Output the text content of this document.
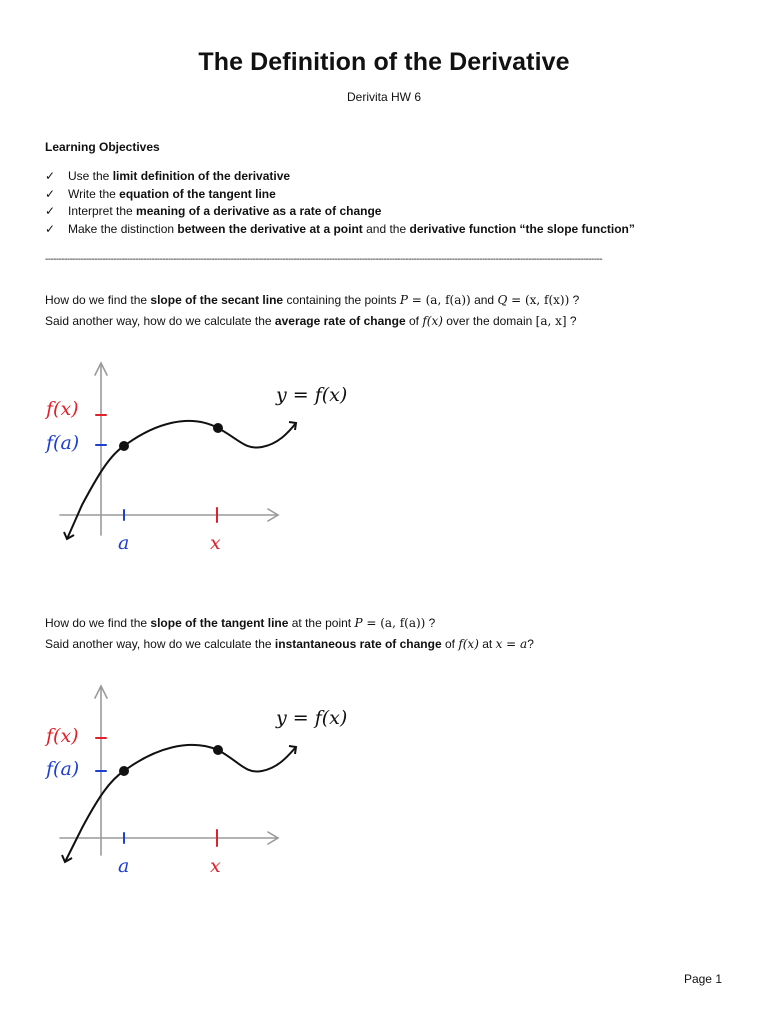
The Definition of the Derivative
Derivita HW 6
Learning Objectives
✓ Use the limit definition of the derivative
✓ Write the equation of the tangent line
✓ Interpret the meaning of a derivative as a rate of change
✓ Make the distinction between the derivative at a point and the derivative function “the slope function”
------------------------------------------------------------------------------------------------------------------------------------------------------------------------------------------------------------
How do we find the slope of the secant line containing the points P = (a, f(a)) and Q = (x, f(x)) ?
Said another way, how do we calculate the average rate of change of f(x) over the domain [a, x] ?
f(x)
f(a)
a	x
y = f(x)
How do we find the slope of the tangent line at the point P = (a, f(a)) ?
Said another way, how do we calculate the instantaneous rate of change of f(x) at x = a?
f(x)
f(a)
a	x
y = f(x)
Page 1
